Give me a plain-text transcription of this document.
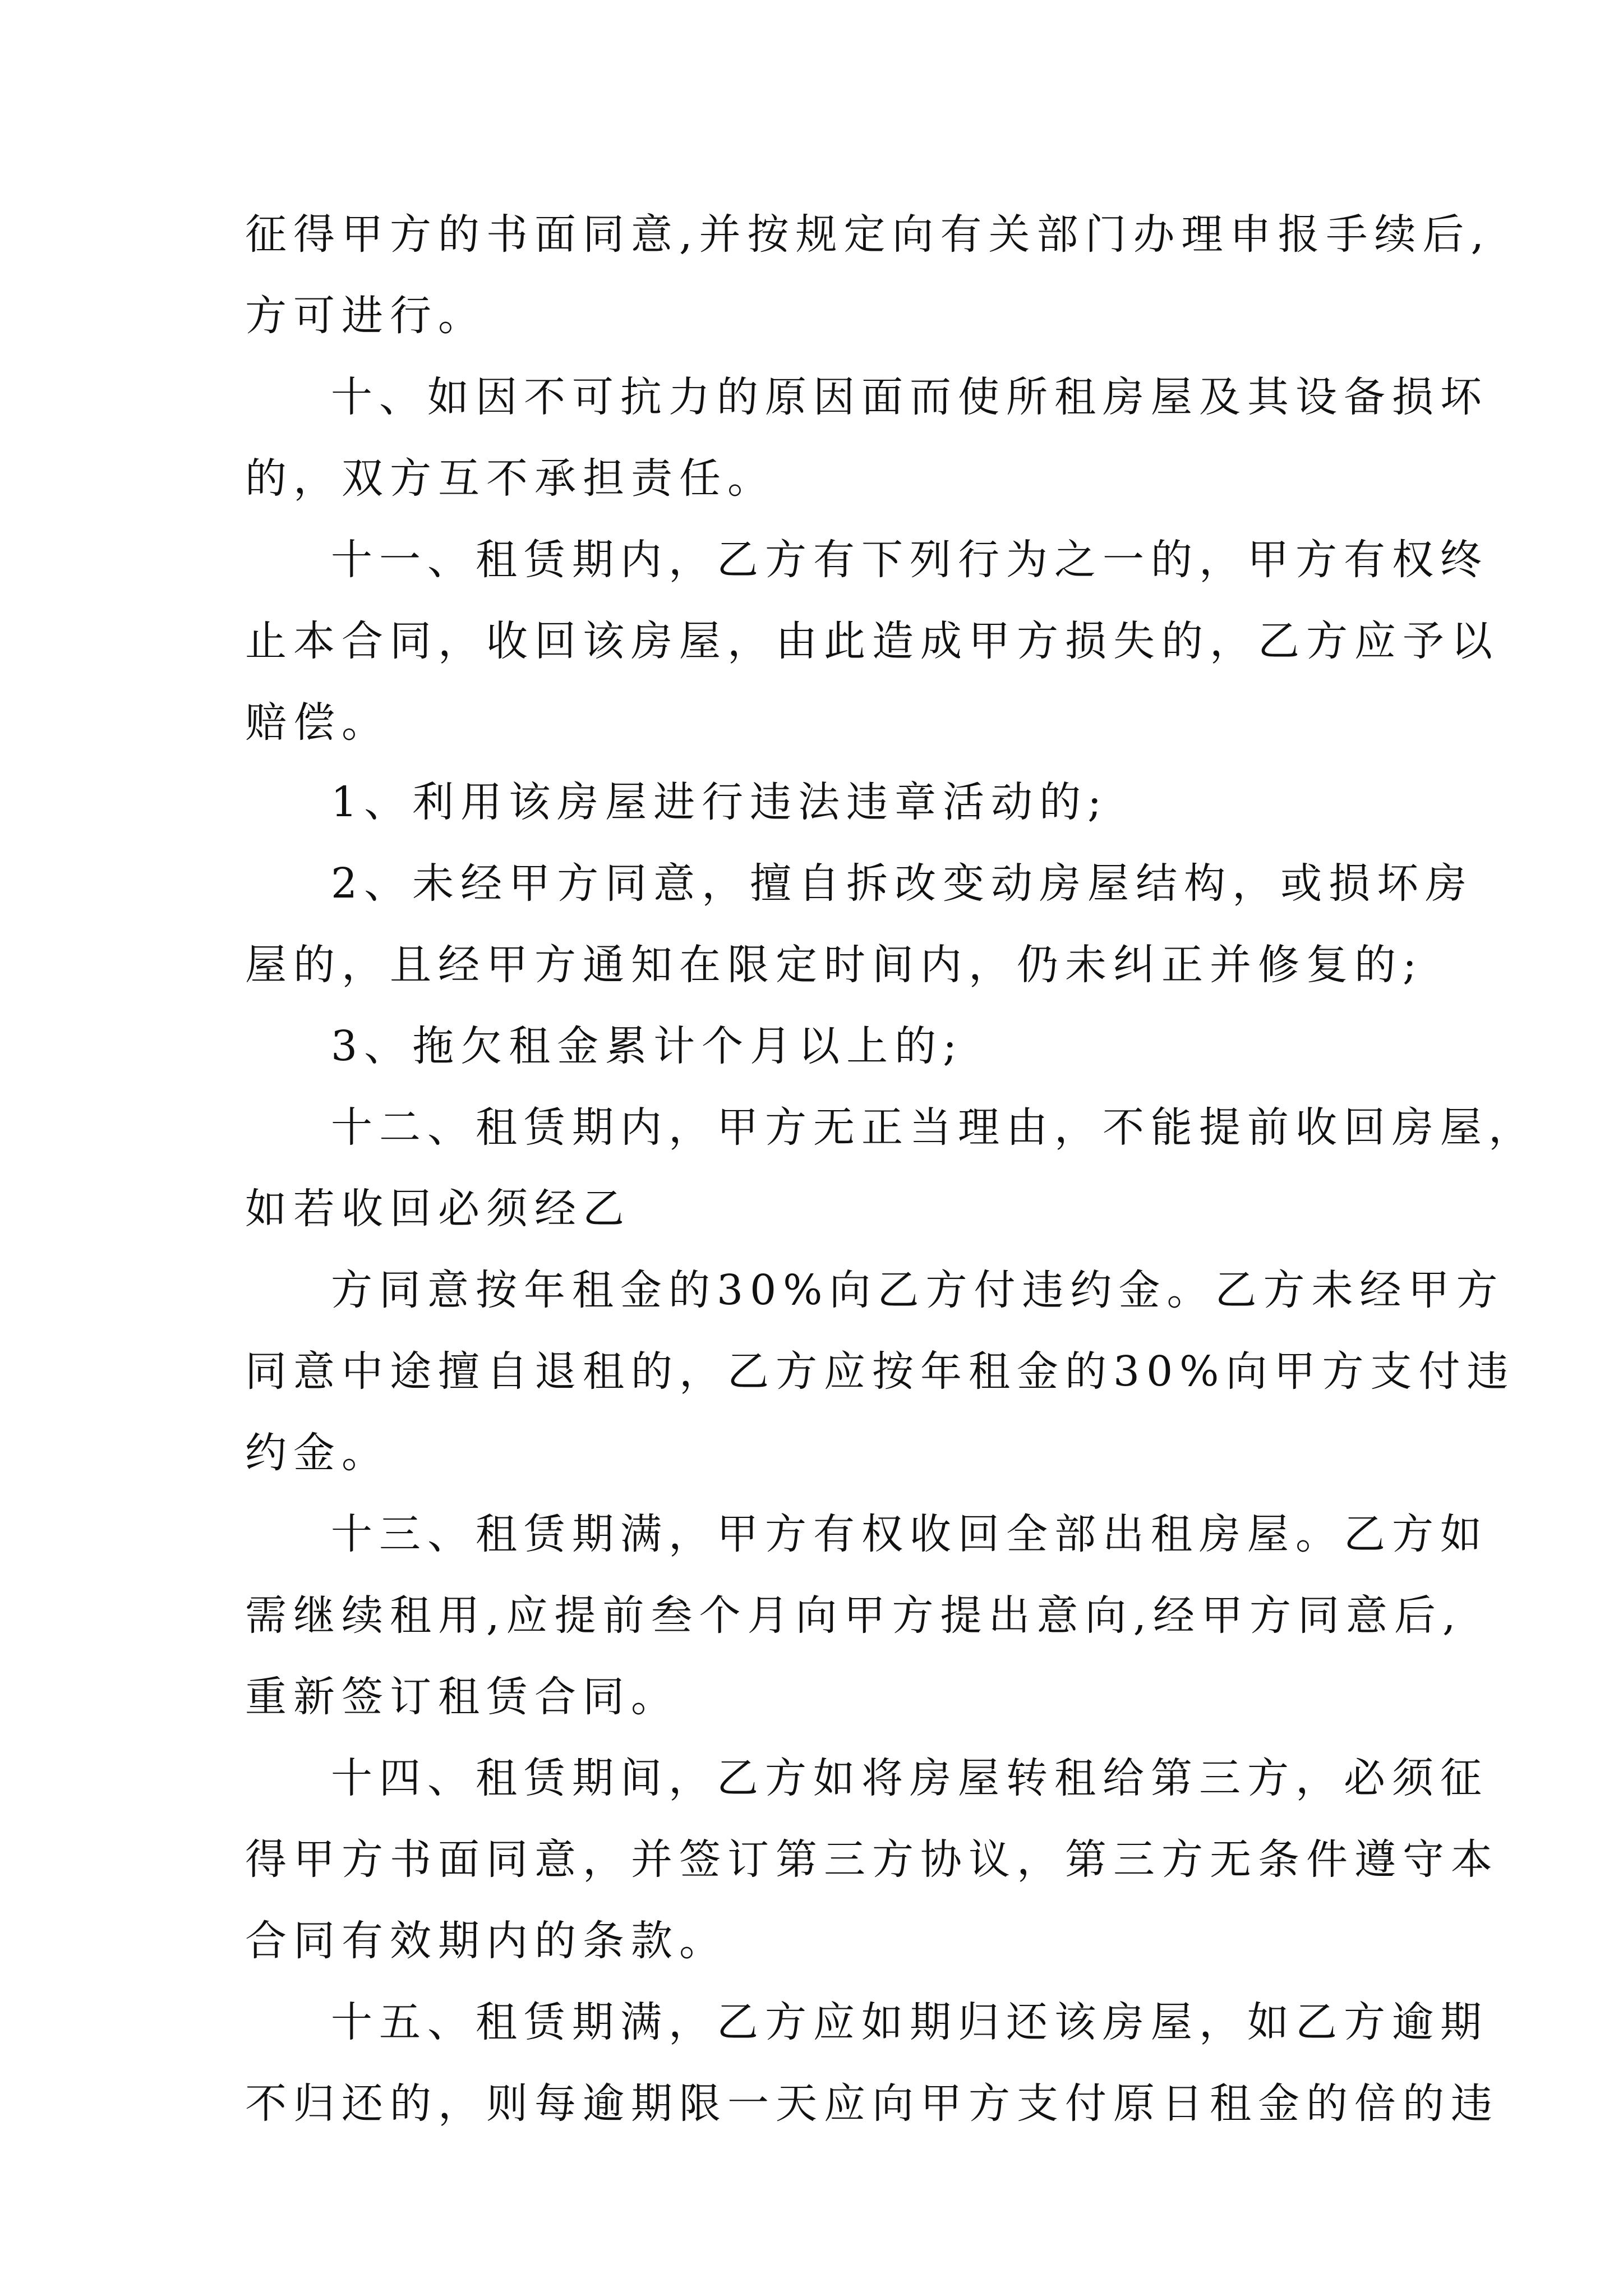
征得甲方的书面同意,并按规定向有关部门办理申报手续后,

方可进行。

十、如因不可抗力的原因面而使所租房屋及其设备损坏

的，双方互不承担责任。

十一、租赁期内，乙方有下列行为之一的，甲方有权终

止本合同，收回该房屋，由此造成甲方损失的，乙方应予以

赔偿。

1、利用该房屋进行违法违章活动的;

2、未经甲方同意，擅自拆改变动房屋结构，或损坏房

屋的，且经甲方通知在限定时间内，仍未纠正并修复的;

3、拖欠租金累计个月以上的;

十二、租赁期内，甲方无正当理由，不能提前收回房屋，

如若收回必须经乙

方同意按年租金的30%向乙方付违约金。乙方未经甲方

同意中途擅自退租的，乙方应按年租金的30%向甲方支付违

约金。

十三、租赁期满，甲方有权收回全部出租房屋。乙方如

需继续租用,应提前叁个月向甲方提出意向,经甲方同意后,

重新签订租赁合同。

十四、租赁期间，乙方如将房屋转租给第三方，必须征

得甲方书面同意，并签订第三方协议，第三方无条件遵守本

合同有效期内的条款。

十五、租赁期满，乙方应如期归还该房屋，如乙方逾期

不归还的，则每逾期限一天应向甲方支付原日租金的倍的违
